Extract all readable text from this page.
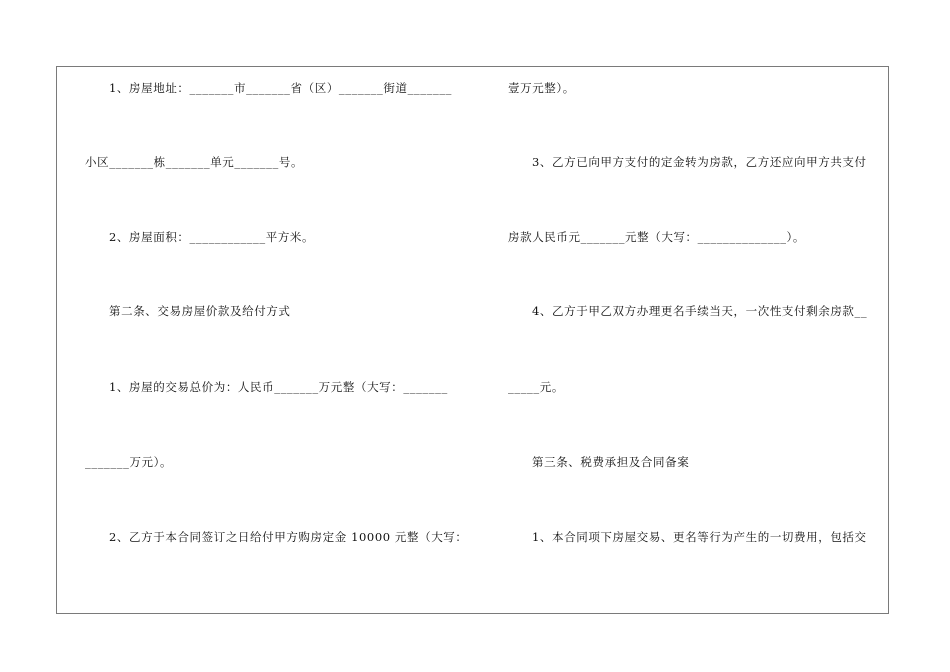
1、房屋地址：_______市_______省（区）_______街道_______
小区_______栋_______单元_______号。
2、房屋面积：____________平方米。
第二条、交易房屋价款及给付方式
1、房屋的交易总价为：人民币_______万元整（大写：_______
_______万元）。
2、乙方于本合同签订之日给付甲方购房定金 10000 元整（大写：
壹万元整）。
3、乙方已向甲方支付的定金转为房款，乙方还应向甲方共支付
房款人民币元_______元整（大写：______________）。
4、乙方于甲乙双方办理更名手续当天，一次性支付剩余房款__
_____元。
第三条、税费承担及合同备案
1、本合同项下房屋交易、更名等行为产生的一切费用，包括交
